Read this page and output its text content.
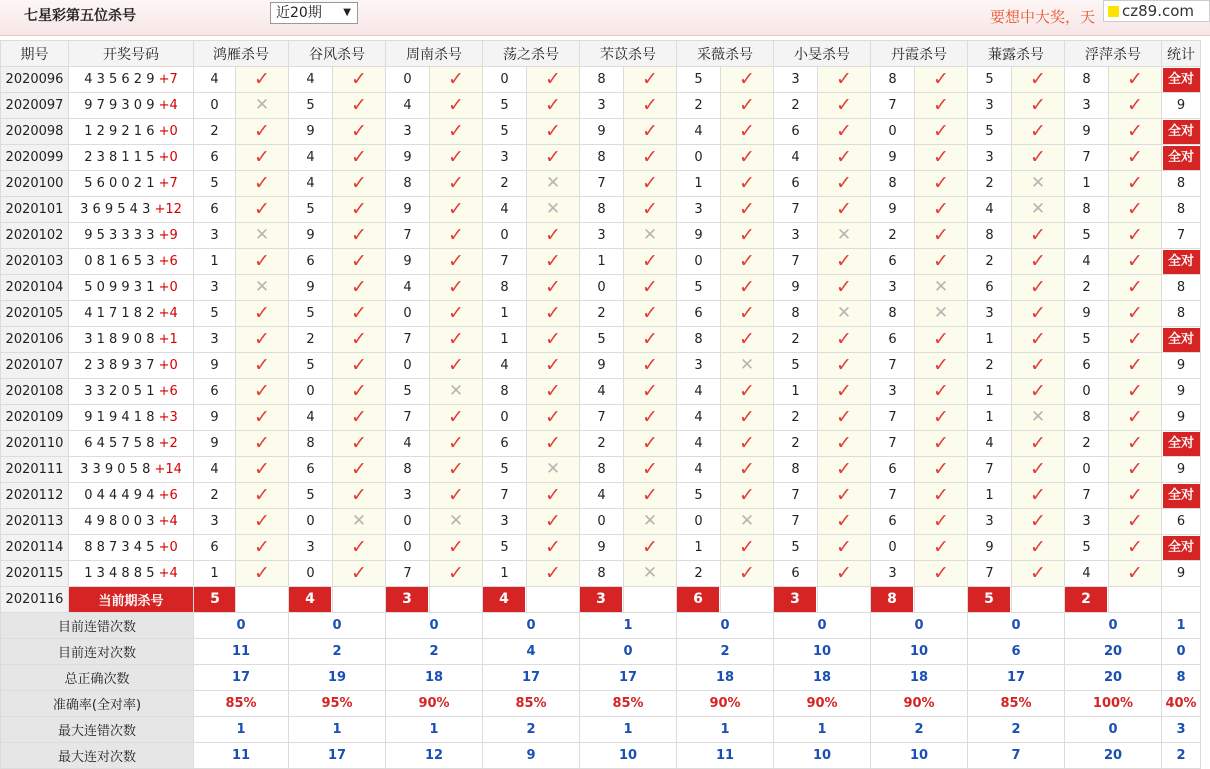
七星彩第五位杀号	近20期 ▼	要想中大奖，天	cz89.com
期号	开奖号码	鸿雁杀号		谷风杀号		周南杀号		荡之杀号		芣苡杀号		采薇杀号		小旻杀号		丹霞杀号		蒹露杀号		浮萍杀号		统计
2020096	4 3 5 6 2 9 +7	4	✓	4	✓	0	✓	0	✓	8	✓	5	✓	3	✓	8	✓	5	✓	8	✓	全对
2020097	9 7 9 3 0 9 +4	0	✕	5	✓	4	✓	5	✓	3	✓	2	✓	2	✓	7	✓	3	✓	3	✓	9
2020098	1 2 9 2 1 6 +0	2	✓	9	✓	3	✓	5	✓	9	✓	4	✓	6	✓	0	✓	5	✓	9	✓	全对
2020099	2 3 8 1 1 5 +0	6	✓	4	✓	9	✓	3	✓	8	✓	0	✓	4	✓	9	✓	3	✓	7	✓	全对
2020100	5 6 0 0 2 1 +7	5	✓	4	✓	8	✓	2	✕	7	✓	1	✓	6	✓	8	✓	2	✕	1	✓	8
2020101	3 6 9 5 4 3 +12	6	✓	5	✓	9	✓	4	✕	8	✓	3	✓	7	✓	9	✓	4	✕	8	✓	8
2020102	9 5 3 3 3 3 +9	3	✕	9	✓	7	✓	0	✓	3	✕	9	✓	3	✕	2	✓	8	✓	5	✓	7
2020103	0 8 1 6 5 3 +6	1	✓	6	✓	9	✓	7	✓	1	✓	0	✓	7	✓	6	✓	2	✓	4	✓	全对
2020104	5 0 9 9 3 1 +0	3	✕	9	✓	4	✓	8	✓	0	✓	5	✓	9	✓	3	✕	6	✓	2	✓	8
2020105	4 1 7 1 8 2 +4	5	✓	5	✓	0	✓	1	✓	2	✓	6	✓	8	✕	8	✕	3	✓	9	✓	8
2020106	3 1 8 9 0 8 +1	3	✓	2	✓	7	✓	1	✓	5	✓	8	✓	2	✓	6	✓	1	✓	5	✓	全对
2020107	2 3 8 9 3 7 +0	9	✓	5	✓	0	✓	4	✓	9	✓	3	✕	5	✓	7	✓	2	✓	6	✓	9
2020108	3 3 2 0 5 1 +6	6	✓	0	✓	5	✕	8	✓	4	✓	4	✓	1	✓	3	✓	1	✓	0	✓	9
2020109	9 1 9 4 1 8 +3	9	✓	4	✓	7	✓	0	✓	7	✓	4	✓	2	✓	7	✓	1	✕	8	✓	9
2020110	6 4 5 7 5 8 +2	9	✓	8	✓	4	✓	6	✓	2	✓	4	✓	2	✓	7	✓	4	✓	2	✓	全对
2020111	3 3 9 0 5 8 +14	4	✓	6	✓	8	✓	5	✕	8	✓	4	✓	8	✓	6	✓	7	✓	0	✓	9
2020112	0 4 4 4 9 4 +6	2	✓	5	✓	3	✓	7	✓	4	✓	5	✓	7	✓	7	✓	1	✓	7	✓	全对
2020113	4 9 8 0 0 3 +4	3	✓	0	✕	0	✕	3	✓	0	✕	0	✕	7	✓	6	✓	3	✓	3	✓	6
2020114	8 8 7 3 4 5 +0	6	✓	3	✓	0	✓	5	✓	9	✓	1	✓	5	✓	0	✓	9	✓	5	✓	全对
2020115	1 3 4 8 8 5 +4	1	✓	0	✓	7	✓	1	✓	8	✕	2	✓	6	✓	3	✓	7	✓	4	✓	9
2020116	当前期杀号	5		4		3		4		3		6		3		8		5		2		

目前连错次数		0		0		0		0		1		0		0		0		0		0		1
目前连对次数		11		2		2		4		0		2		10		10		6		20		0
总正确次数		17		19		18		17		17		18		18		18		17		20		8
准确率(全对率)		85%		95%		90%		85%		85%		90%		90%		90%		85%		100%		40%
最大连错次数		1		1		1		2		1		1		1		2		2		0		3
最大连对次数		11		17		12		9		10		11		10		10		7		20		2
